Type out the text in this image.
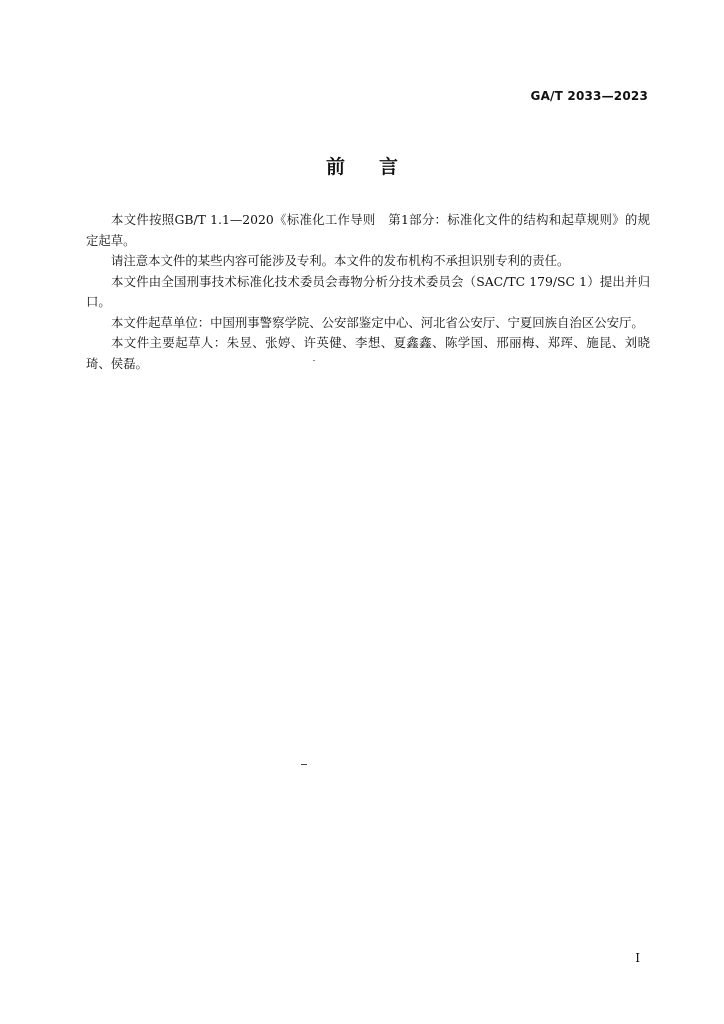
GA/T 2033—2023
前言

本文件按照GB/T 1.1—2020《标准化工作导则　第1部分：标准化文件的结构和起草规则》的规定起草。

请注意本文件的某些内容可能涉及专利。本文件的发布机构不承担识别专利的责任。

本文件由全国刑事技术标准化技术委员会毒物分析分技术委员会（SAC/TC 179/SC 1）提出并归口。

本文件起草单位：中国刑事警察学院、公安部鉴定中心、河北省公安厅、宁夏回族自治区公安厅。

本文件主要起草人：朱昱、张婷、许英健、李想、夏鑫鑫、陈学国、邢丽梅、郑珲、施昆、刘晓琦、侯磊。

I
